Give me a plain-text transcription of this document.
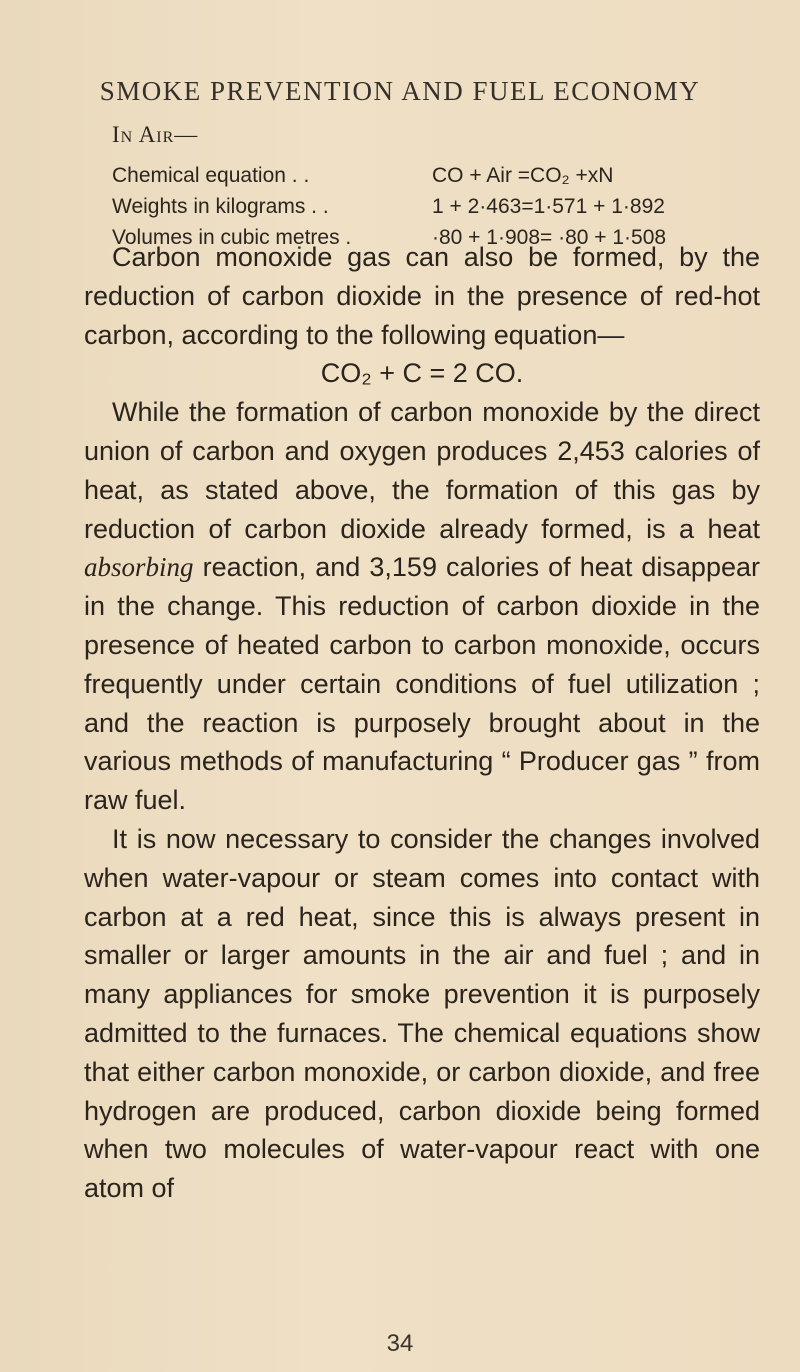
SMOKE PREVENTION AND FUEL ECONOMY
In Air—
Chemical equation . .	CO + Air =CO₂ +xN
Weights in kilograms . .	1 + 2·463=1·571 + 1·892
Volumes in cubic metres .	·80 + 1·908= ·80 + 1·508

Carbon monoxide gas can also be formed, by the reduction of carbon dioxide in the presence of red-hot carbon, according to the following equation—

CO₂ + C = 2 CO.

While the formation of carbon monoxide by the direct union of carbon and oxygen produces 2,453 calories of heat, as stated above, the formation of this gas by reduction of carbon dioxide already formed, is a heat absorbing reaction, and 3,159 calories of heat disappear in the change. This reduction of carbon dioxide in the presence of heated carbon to carbon monoxide, occurs frequently under certain conditions of fuel utilization ; and the reaction is purposely brought about in the various methods of manufacturing “ Producer gas ” from raw fuel.

It is now necessary to consider the changes involved when water-vapour or steam comes into contact with carbon at a red heat, since this is always present in smaller or larger amounts in the air and fuel ; and in many appliances for smoke prevention it is purposely admitted to the furnaces. The chemical equations show that either carbon monoxide, or carbon dioxide, and free hydrogen are produced, carbon dioxide being formed when two molecules of water-vapour react with one atom of

34
